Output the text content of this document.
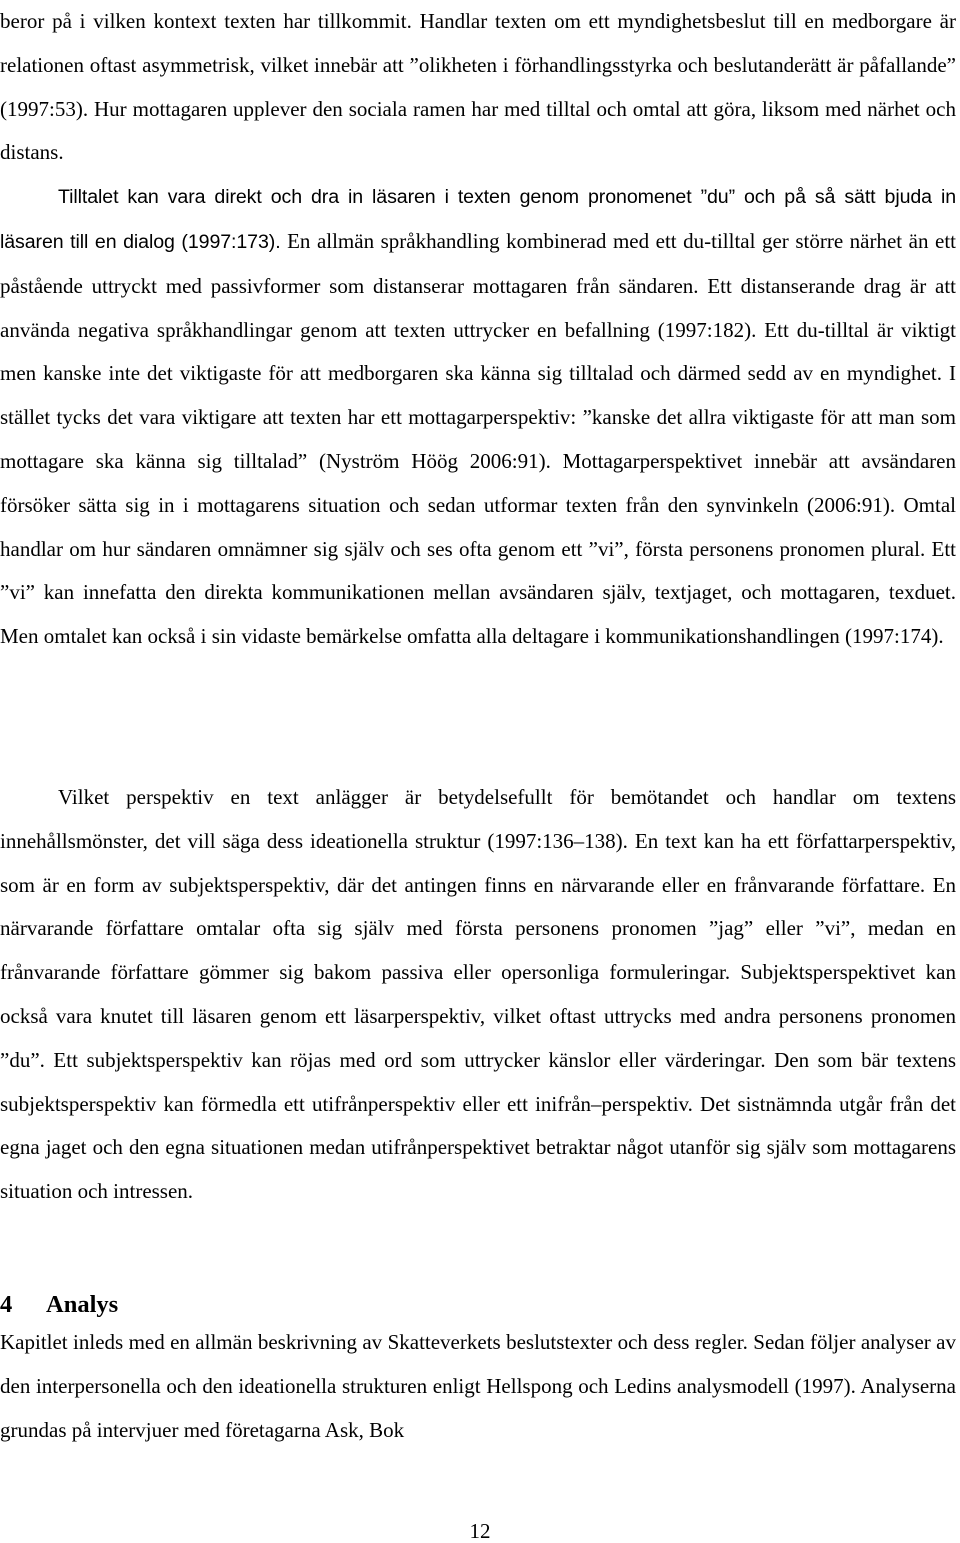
beror på i vilken kontext texten har tillkommit. Handlar texten om ett myndighetsbeslut till en medborgare är relationen oftast asymmetrisk, vilket innebär att ”olikheten i förhandlingsstyrka och beslutanderätt är påfallande” (1997:53). Hur mottagaren upplever den sociala ramen har med tilltal och omtal att göra, liksom med närhet och distans.
Tilltalet kan vara direkt och dra in läsaren i texten genom pronomenet ”du” och på så sätt bjuda in läsaren till en dialog (1997:173). En allmän språkhandling kombinerad med ett du-tilltal ger större närhet än ett påstående uttryckt med passivformer som distanserar mottagaren från sändaren. Ett distanserande drag är att använda negativa språkhandlingar genom att texten uttrycker en befallning (1997:182). Ett du-tilltal är viktigt men kanske inte det viktigaste för att medborgaren ska känna sig tilltalad och därmed sedd av en myndighet. I stället tycks det vara viktigare att texten har ett mottagarperspektiv: ”kanske det allra viktigaste för att man som mottagare ska känna sig tilltalad” (Nyström Höög 2006:91). Mottagarperspektivet innebär att avsändaren försöker sätta sig in i mottagarens situation och sedan utformar texten från den synvinkeln (2006:91). Omtal handlar om hur sändaren omnämner sig själv och ses ofta genom ett ”vi”, första personens pronomen plural. Ett ”vi” kan innefatta den direkta kommunikationen mellan avsändaren själv, textjaget, och mottagaren, texduet. Men omtalet kan också i sin vidaste bemärkelse omfatta alla deltagare i kommunikationshandlingen (1997:174).

Vilket perspektiv en text anlägger är betydelsefullt för bemötandet och handlar om textens innehållsmönster, det vill säga dess ideationella struktur (1997:136–138). En text kan ha ett författarperspektiv, som är en form av subjektsperspektiv, där det antingen finns en närvarande eller en frånvarande författare. En närvarande författare omtalar ofta sig själv med första personens pronomen ”jag” eller ”vi”, medan en frånvarande författare gömmer sig bakom passiva eller opersonliga formuleringar. Subjektsperspektivet kan också vara knutet till läsaren genom ett läsarperspektiv, vilket oftast uttrycks med andra personens pronomen ”du”. Ett subjektsperspektiv kan röjas med ord som uttrycker känslor eller värderingar. Den som bär textens subjektsperspektiv kan förmedla ett utifrånperspektiv eller ett inifrån–perspektiv. Det sistnämnda utgår från det egna jaget och den egna situationen medan utifrånperspektivet betraktar något utanför sig själv som mottagarens situation och intressen.

4 Analys

Kapitlet inleds med en allmän beskrivning av Skatteverkets beslutstexter och dess regler. Sedan följer analyser av den interpersonella och den ideationella strukturen enligt Hellspong och Ledins analysmodell (1997). Analyserna grundas på intervjuer med företagarna Ask, Bok

12
